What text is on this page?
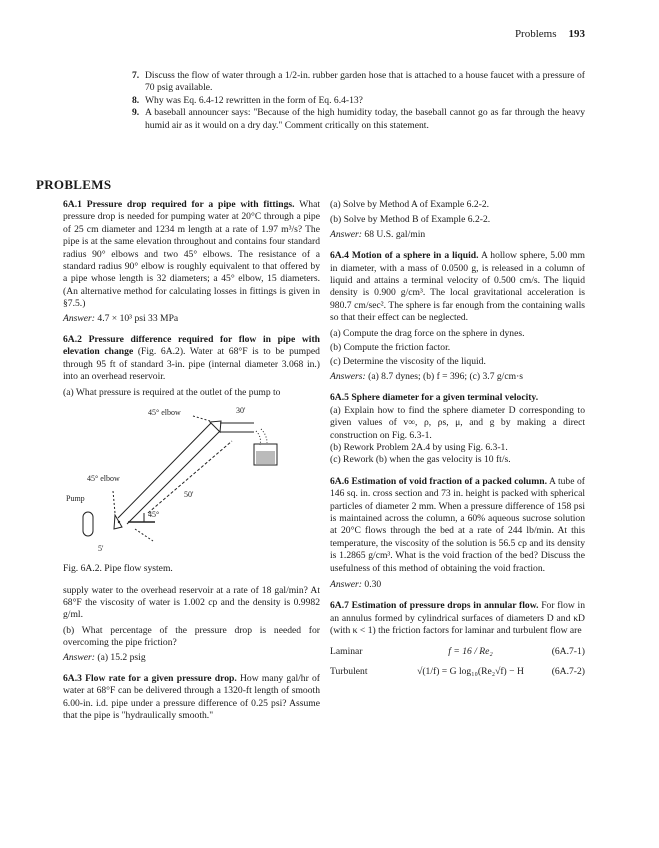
Problems 193
7. Discuss the flow of water through a 1/2-in. rubber garden hose that is attached to a house faucet with a pressure of 70 psig available.
8. Why was Eq. 6.4-12 rewritten in the form of Eq. 6.4-13?
9. A baseball announcer says: "Because of the high humidity today, the baseball cannot go as far through the heavy humid air as it would on a dry day." Comment critically on this statement.
PROBLEMS
6A.1 Pressure drop required for a pipe with fittings. What pressure drop is needed for pumping water at 20°C through a pipe of 25 cm diameter and 1234 m length at a rate of 1.97 m³/s? The pipe is at the same elevation throughout and contains four standard radius 90° elbows and two 45° elbows. The resistance of a standard radius 90° elbow is roughly equivalent to that offered by a pipe whose length is 32 diameters; a 45° elbow, 15 diameters. (An alternative method for calculating losses in fittings is given in §7.5.)
Answer: 4.7 × 10³ psi 33 MPa
6A.2 Pressure difference required for flow in pipe with elevation change (Fig. 6A.2). Water at 68°F is to be pumped through 95 ft of standard 3-in. pipe (internal diameter 3.068 in.) into an overhead reservoir.
(a) What pressure is required at the outlet of the pump to
45° elbow	30'
45° elbow
Pump	50'
45°
5'
Fig. 6A.2. Pipe flow system.
supply water to the overhead reservoir at a rate of 18 gal/min? At 68°F the viscosity of water is 1.002 cp and the density is 0.9982 g/ml.
(b) What percentage of the pressure drop is needed for overcoming the pipe friction?
Answer: (a) 15.2 psig
6A.3 Flow rate for a given pressure drop. How many gal/hr of water at 68°F can be delivered through a 1320-ft length of smooth 6.00-in. i.d. pipe under a pressure difference of 0.25 psi? Assume that the pipe is "hydraulically smooth."
(a) Solve by Method A of Example 6.2-2.
(b) Solve by Method B of Example 6.2-2.
Answer: 68 U.S. gal/min
6A.4 Motion of a sphere in a liquid. A hollow sphere, 5.00 mm in diameter, with a mass of 0.0500 g, is released in a column of liquid and attains a terminal velocity of 0.500 cm/s. The liquid density is 0.900 g/cm³. The local gravitational acceleration is 980.7 cm/sec². The sphere is far enough from the containing walls so that their effect can be neglected.
(a) Compute the drag force on the sphere in dynes.
(b) Compute the friction factor.
(c) Determine the viscosity of the liquid.
Answers: (a) 8.7 dynes; (b) f = 396; (c) 3.7 g/cm·s
6A.5 Sphere diameter for a given terminal velocity.
(a) Explain how to find the sphere diameter D corresponding to given values of v∞, ρ, ρs, μ, and g by making a direct construction on Fig. 6.3-1.
(b) Rework Problem 2A.4 by using Fig. 6.3-1.
(c) Rework (b) when the gas velocity is 10 ft/s.
6A.6 Estimation of void fraction of a packed column. A tube of 146 sq. in. cross section and 73 in. height is packed with spherical particles of diameter 2 mm. When a pressure difference of 158 psi is maintained across the column, a 60% aqueous sucrose solution at 20°C flows through the bed at a rate of 244 lb/min. At this temperature, the viscosity of the solution is 56.5 cp and its density is 1.2865 g/cm³. What is the void fraction of the bed? Discuss the usefulness of this method of obtaining the void fraction.
Answer: 0.30
6A.7 Estimation of pressure drops in annular flow. For flow in an annulus formed by cylindrical surfaces of diameters D and κD (with κ < 1) the friction factors for laminar and turbulent flow are
Laminar	f = 16 / Re₂	(6A.7-1)
Turbulent	√(1/f) = G log₁₀(Re₂√f) − H	(6A.7-2)
